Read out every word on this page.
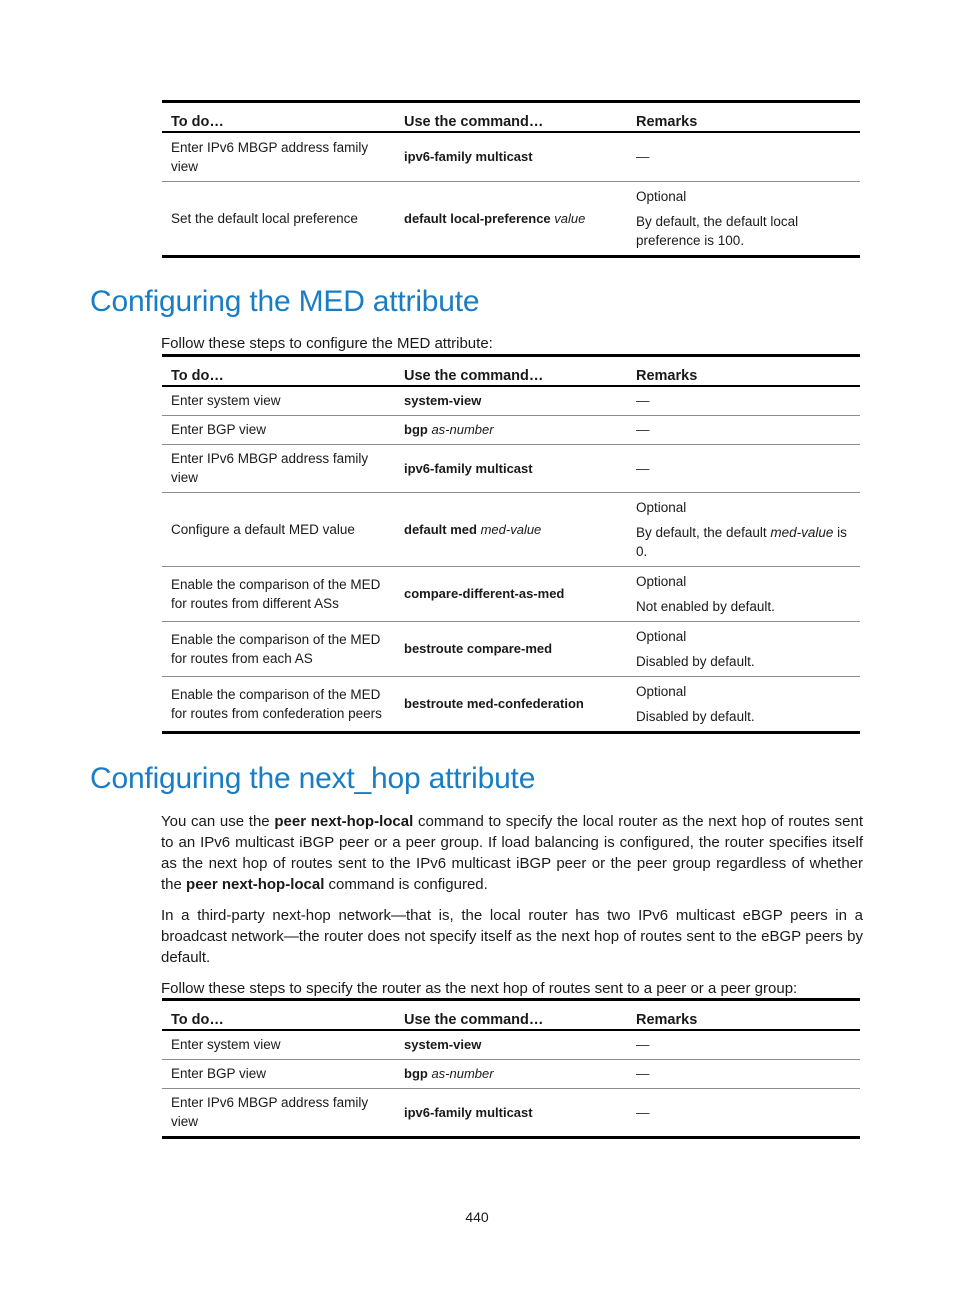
To do…	Use the command…	Remarks
Enter IPv6 MBGP address family view	ipv6-family multicast	—
Set the default local preference	default local-preference value	Optional
By default, the default local preference is 100.
Configuring the MED attribute

Follow these steps to configure the MED attribute:

To do…	Use the command…	Remarks
Enter system view	system-view	—
Enter BGP view	bgp as-number	—
Enter IPv6 MBGP address family view	ipv6-family multicast	—
Configure a default MED value	default med med-value	Optional
By default, the default med-value is 0.

Enable the comparison of the MED for routes from different ASs	compare-different-as-med	Optional
Not enabled by default.

Enable the comparison of the MED for routes from each AS	bestroute compare-med	Optional
Disabled by default.

Enable the comparison of the MED for routes from confederation peers	bestroute med-confederation	Optional
Disabled by default.
Configuring the next_hop attribute

You can use the peer next-hop-local command to specify the local router as the next hop of routes sent to an IPv6 multicast iBGP peer or a peer group. If load balancing is configured, the router specifies itself as the next hop of routes sent to the IPv6 multicast iBGP peer or the peer group regardless of whether the peer next-hop-local command is configured.

In a third-party next-hop network—that is, the local router has two IPv6 multicast eBGP peers in a broadcast network—the router does not specify itself as the next hop of routes sent to the eBGP peers by default.

Follow these steps to specify the router as the next hop of routes sent to a peer or a peer group:

To do…	Use the command…	Remarks
Enter system view	system-view	—
Enter BGP view	bgp as-number	—
Enter IPv6 MBGP address family view	ipv6-family multicast	—
440
